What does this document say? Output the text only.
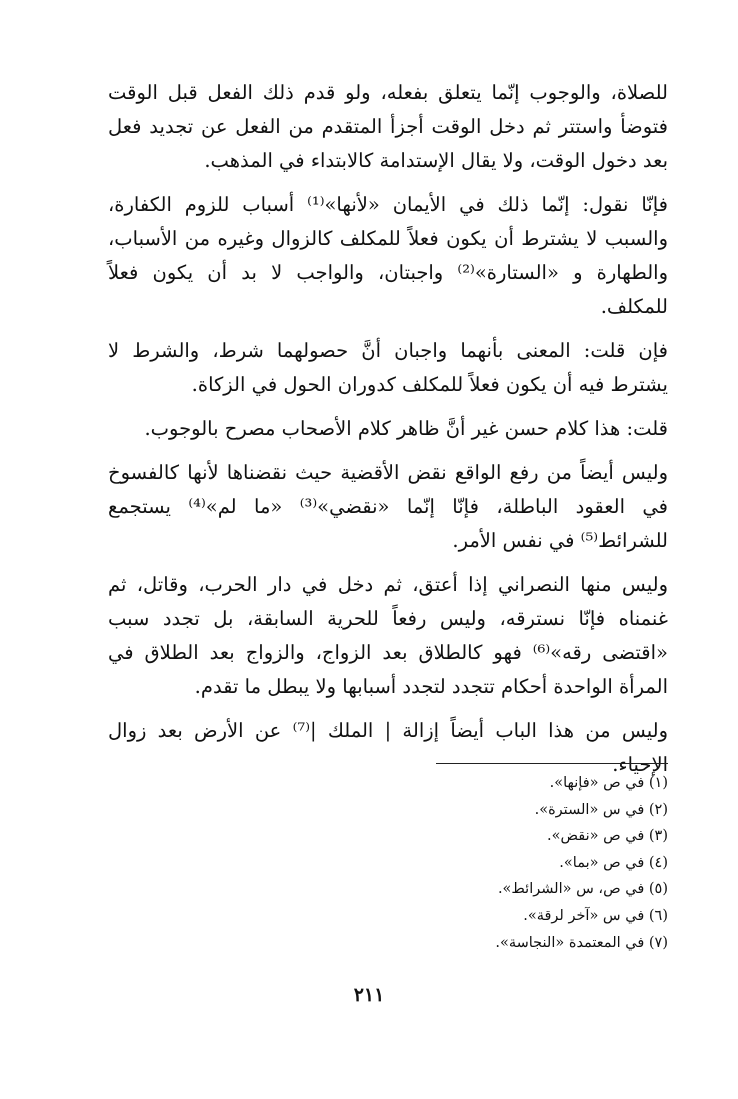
للصلاة، والوجوب إنّما يتعلق بفعله، ولو قدم ذلك الفعل قبل الوقت فتوضأ واستتر ثم دخل الوقت أجزأ المتقدم من الفعل عن تجديد فعل بعد دخول الوقت، ولا يقال الإستدامة كالابتداء في المذهب.

فإنّا نقول: إنّما ذلك في الأيمان «لأنها»⁽¹⁾ أسباب للزوم الكفارة، والسبب لا يشترط أن يكون فعلاً للمكلف كالزوال وغيره من الأسباب، والطهارة و «الستارة»⁽²⁾ واجبتان، والواجب لا بد أن يكون فعلاً للمكلف.

فإن قلت: المعنى بأنهما واجبان أنَّ حصولهما شرط، والشرط لا يشترط فيه أن يكون فعلاً للمكلف كدوران الحول في الزكاة.

قلت: هذا كلام حسن غير أنَّ ظاهر كلام الأصحاب مصرح بالوجوب.

وليس أيضاً من رفع الواقع نقض الأقضية حيث نقضناها لأنها كالفسوخ في العقود الباطلة، فإنّا إنّما «نقضي»⁽³⁾ «ما لم»⁽⁴⁾ يستجمع للشرائط⁽⁵⁾ في نفس الأمر.

وليس منها النصراني إذا أعتق، ثم دخل في دار الحرب، وقاتل، ثم غنمناه فإنّا نسترقه، وليس رفعاً للحرية السابقة، بل تجدد سبب «اقتضى رقه»⁽⁶⁾ فهو كالطلاق بعد الزواج، والزواج بعد الطلاق في المرأة الواحدة أحكام تتجدد لتجدد أسبابها ولا يبطل ما تقدم.

وليس من هذا الباب أيضاً إزالة | الملك |⁽⁷⁾ عن الأرض بعد زوال الإحياء.

(١) في ص «فإنها».
(٢) في س «السترة».
(٣) في ص «نقض».
(٤) في ص «بما».
(٥) في ص، س «الشرائط».
(٦) في س «آخر لرقة».
(٧) في المعتمدة «النجاسة».
٢١١
